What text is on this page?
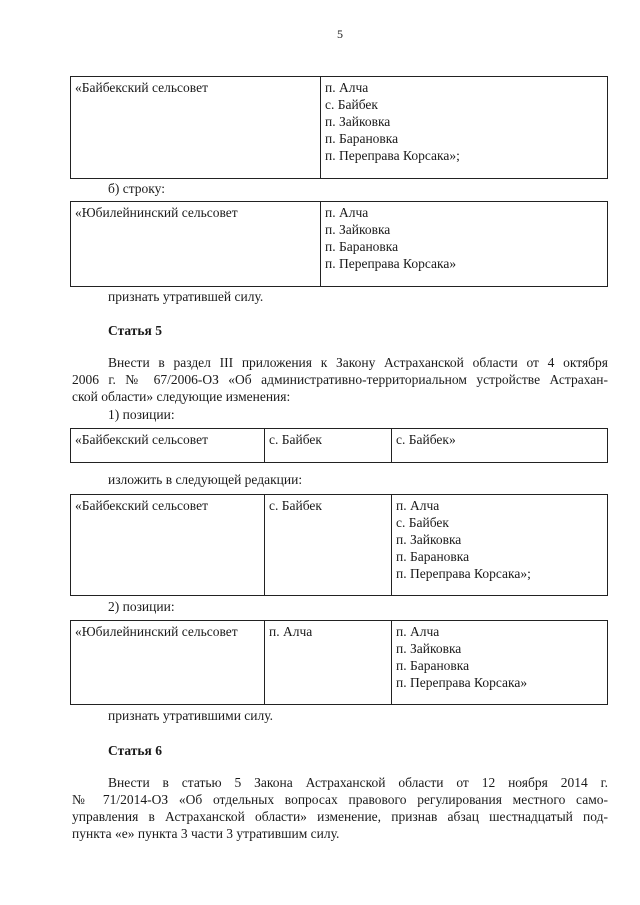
5
«Байбекский сельсовет	п. Алча
с. Байбек
п. Зайковка
п. Барановка
п. Переправа Корсака»;
б) строку:
«Юбилейнинский сельсовет	п. Алча
п. Зайковка
п. Барановка
п. Переправа Корсака»
признать утратившей силу.
Статья 5
Внести в раздел III приложения к Закону Астраханской области от 4 октября
2006 г. № 67/2006-ОЗ «Об административно-территориальном устройстве Астрахан-
ской области» следующие изменения:
1) позиции:
«Байбекский сельсовет	с. Байбек	с. Байбек»
изложить в следующей редакции:
«Байбекский сельсовет	с. Байбек	п. Алча
с. Байбек
п. Зайковка
п. Барановка
п. Переправа Корсака»;
2) позиции:
«Юбилейнинский сельсовет	п. Алча	п. Алча
п. Зайковка
п. Барановка
п. Переправа Корсака»
признать утратившими силу.
Статья 6
Внести в статью 5 Закона Астраханской области от 12 ноября 2014 г.
№ 71/2014-ОЗ «Об отдельных вопросах правового регулирования местного само-
управления в Астраханской области» изменение, признав абзац шестнадцатый под-
пункта «е» пункта 3 части 3 утратившим силу.
